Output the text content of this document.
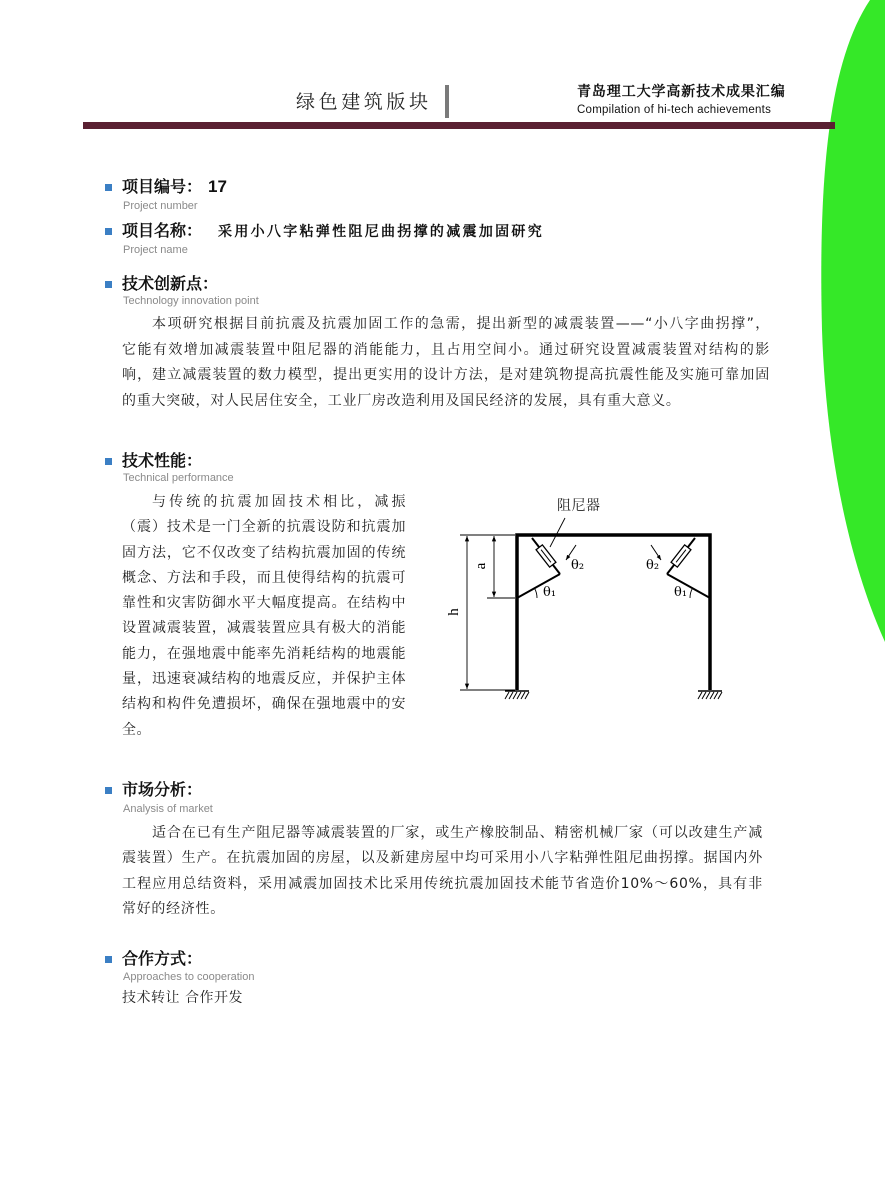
绿色建筑版块	青岛理工大学高新技术成果汇编
Compilation of hi-tech achievements
项目编号： 17
Project number
项目名称： 采用小八字粘弹性阻尼曲拐撑的减震加固研究
Project name
技术创新点：
Technology innovation point
本项研究根据目前抗震及抗震加固工作的急需，提出新型的减震装置——“小八字曲拐撑”，
它能有效增加减震装置中阻尼器的消能能力，且占用空间小。通过研究设置减震装置对结构的影
响，建立减震装置的数力模型，提出更实用的设计方法，是对建筑物提高抗震性能及实施可靠加固
的重大突破，对人民居住安全，工业厂房改造利用及国民经济的发展，具有重大意义。
技术性能：
Technical performance
与传统的抗震加固技术相比，减振
（震）技术是一门全新的抗震设防和抗震加
固方法，它不仅改变了结构抗震加固的传统
概念、方法和手段，而且使得结构的抗震可
靠性和灾害防御水平大幅度提高。在结构中
设置减震装置，减震装置应具有极大的消能
能力，在强地震中能率先消耗结构的地震能
量，迅速衰减结构的地震反应，并保护主体
结构和构件免遭损坏，确保在强地震中的安
全。
a
h
θ₂
θ₁
θ₂
θ₁
阻尼器
市场分析：
Analysis of market
适合在已有生产阻尼器等减震装置的厂家，或生产橡胶制品、精密机械厂家（可以改建生产减
震装置）生产。在抗震加固的房屋，以及新建房屋中均可采用小八字粘弹性阻尼曲拐撑。据国内外
工程应用总结资料，采用减震加固技术比采用传统抗震加固技术能节省造价10%～60%，具有非
常好的经济性。
合作方式：
Approaches to cooperation
技术转让 合作开发
